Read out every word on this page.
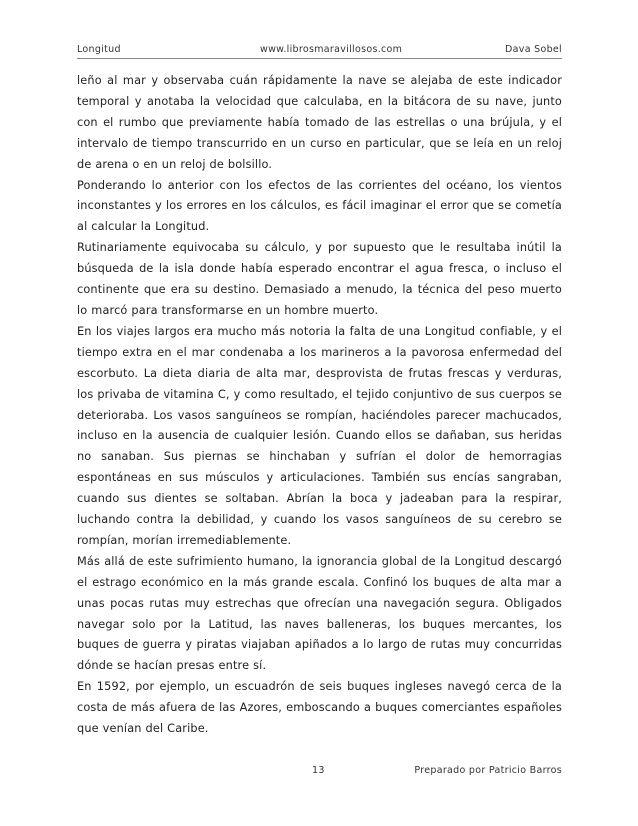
Longitud	www.librosmaravillosos.com	Dava Sobel

leño al mar y observaba cuán rápidamente la nave se alejaba de este indicador temporal y anotaba la velocidad que calculaba, en la bitácora de su nave, junto con el rumbo que previamente había tomado de las estrellas o una brújula, y el intervalo de tiempo transcurrido en un curso en particular, que se leía en un reloj de arena o en un reloj de bolsillo.

Ponderando lo anterior con los efectos de las corrientes del océano, los vientos inconstantes y los errores en los cálculos, es fácil imaginar el error que se cometía al calcular la Longitud.

Rutinariamente equivocaba su cálculo, y por supuesto que le resultaba inútil la búsqueda de la isla donde había esperado encontrar el agua fresca, o incluso el continente que era su destino. Demasiado a menudo, la técnica del peso muerto lo marcó para transformarse en un hombre muerto.

En los viajes largos era mucho más notoria la falta de una Longitud confiable, y el tiempo extra en el mar condenaba a los marineros a la pavorosa enfermedad del escorbuto. La dieta diaria de alta mar, desprovista de frutas frescas y verduras, los privaba de vitamina C, y como resultado, el tejido conjuntivo de sus cuerpos se deterioraba. Los vasos sanguíneos se rompían, haciéndoles parecer machucados, incluso en la ausencia de cualquier lesión. Cuando ellos se dañaban, sus heridas no sanaban. Sus piernas se hinchaban y sufrían el dolor de hemorragias espontáneas en sus músculos y articulaciones. También sus encías sangraban, cuando sus dientes se soltaban. Abrían la boca y jadeaban para la respirar, luchando contra la debilidad, y cuando los vasos sanguíneos de su cerebro se rompían, morían irremediablemente.

Más allá de este sufrimiento humano, la ignorancia global de la Longitud descargó el estrago económico en la más grande escala. Confinó los buques de alta mar a unas pocas rutas muy estrechas que ofrecían una navegación segura. Obligados navegar solo por la Latitud, las naves balleneras, los buques mercantes, los buques de guerra y piratas viajaban apiñados a lo largo de rutas muy concurridas dónde se hacían presas entre sí.

En 1592, por ejemplo, un escuadrón de seis buques ingleses navegó cerca de la costa de más afuera de las Azores, emboscando a buques comerciantes españoles que venían del Caribe.

13	Preparado por Patricio Barros
